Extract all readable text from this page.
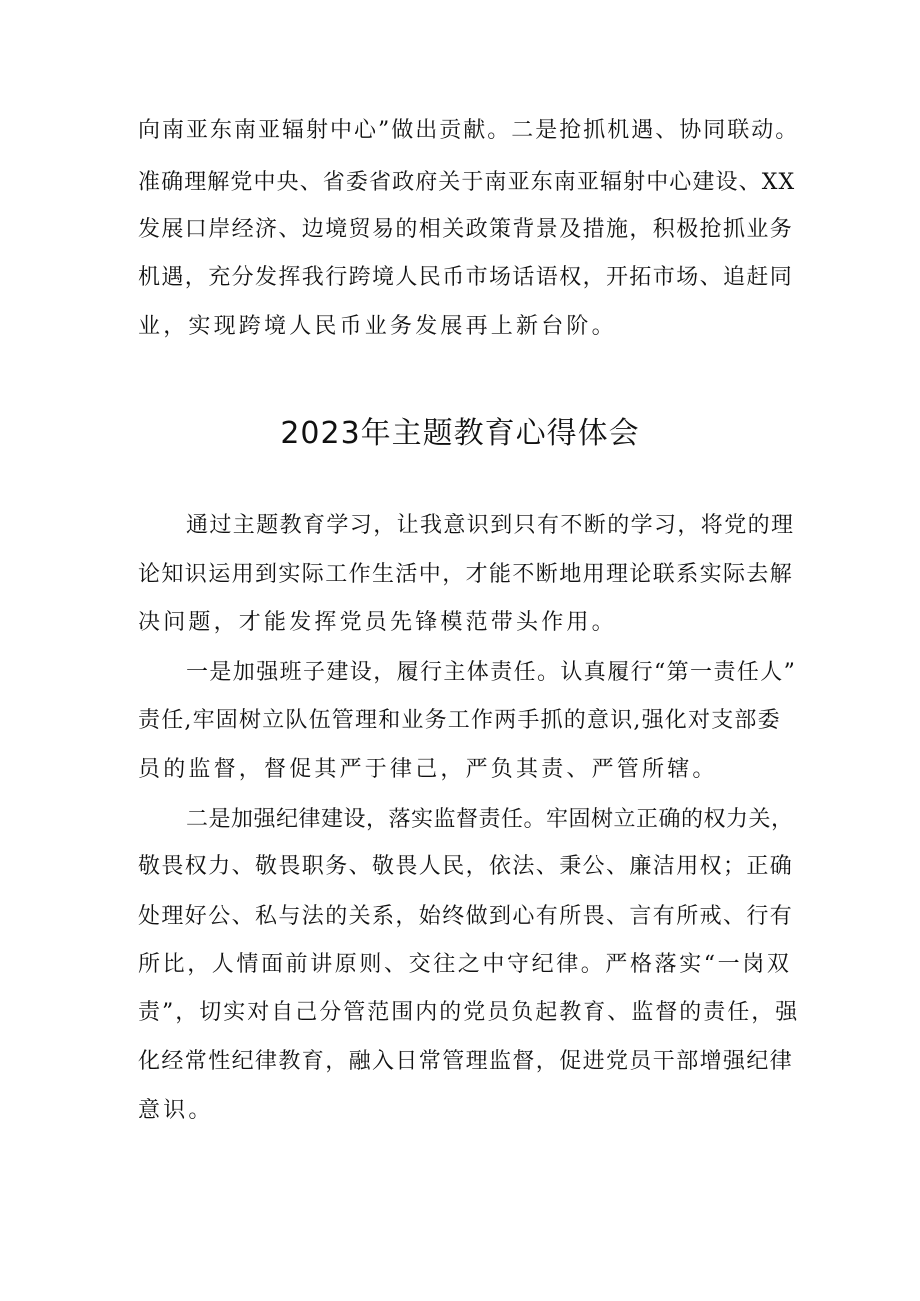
向南亚东南亚辐射中心”做出贡献。二是抢抓机遇、协同联动。
准确理解党中央、省委省政府关于南亚东南亚辐射中心建设、XX
发展口岸经济、边境贸易的相关政策背景及措施，积极抢抓业务
机遇，充分发挥我行跨境人民币市场话语权，开拓市场、追赶同
业，实现跨境人民币业务发展再上新台阶。
2023年主题教育心得体会
通过主题教育学习，让我意识到只有不断的学习，将党的理
论知识运用到实际工作生活中，才能不断地用理论联系实际去解
决问题，才能发挥党员先锋模范带头作用。
一是加强班子建设，履行主体责任。认真履行“第一责任人”
责任,牢固树立队伍管理和业务工作两手抓的意识,强化对支部委
员的监督，督促其严于律己，严负其责、严管所辖。
二是加强纪律建设，落实监督责任。牢固树立正确的权力关，
敬畏权力、敬畏职务、敬畏人民，依法、秉公、廉洁用权；正确
处理好公、私与法的关系，始终做到心有所畏、言有所戒、行有
所比，人情面前讲原则、交往之中守纪律。严格落实“一岗双
责”，切实对自己分管范围内的党员负起教育、监督的责任，强
化经常性纪律教育，融入日常管理监督，促进党员干部增强纪律
意识。
